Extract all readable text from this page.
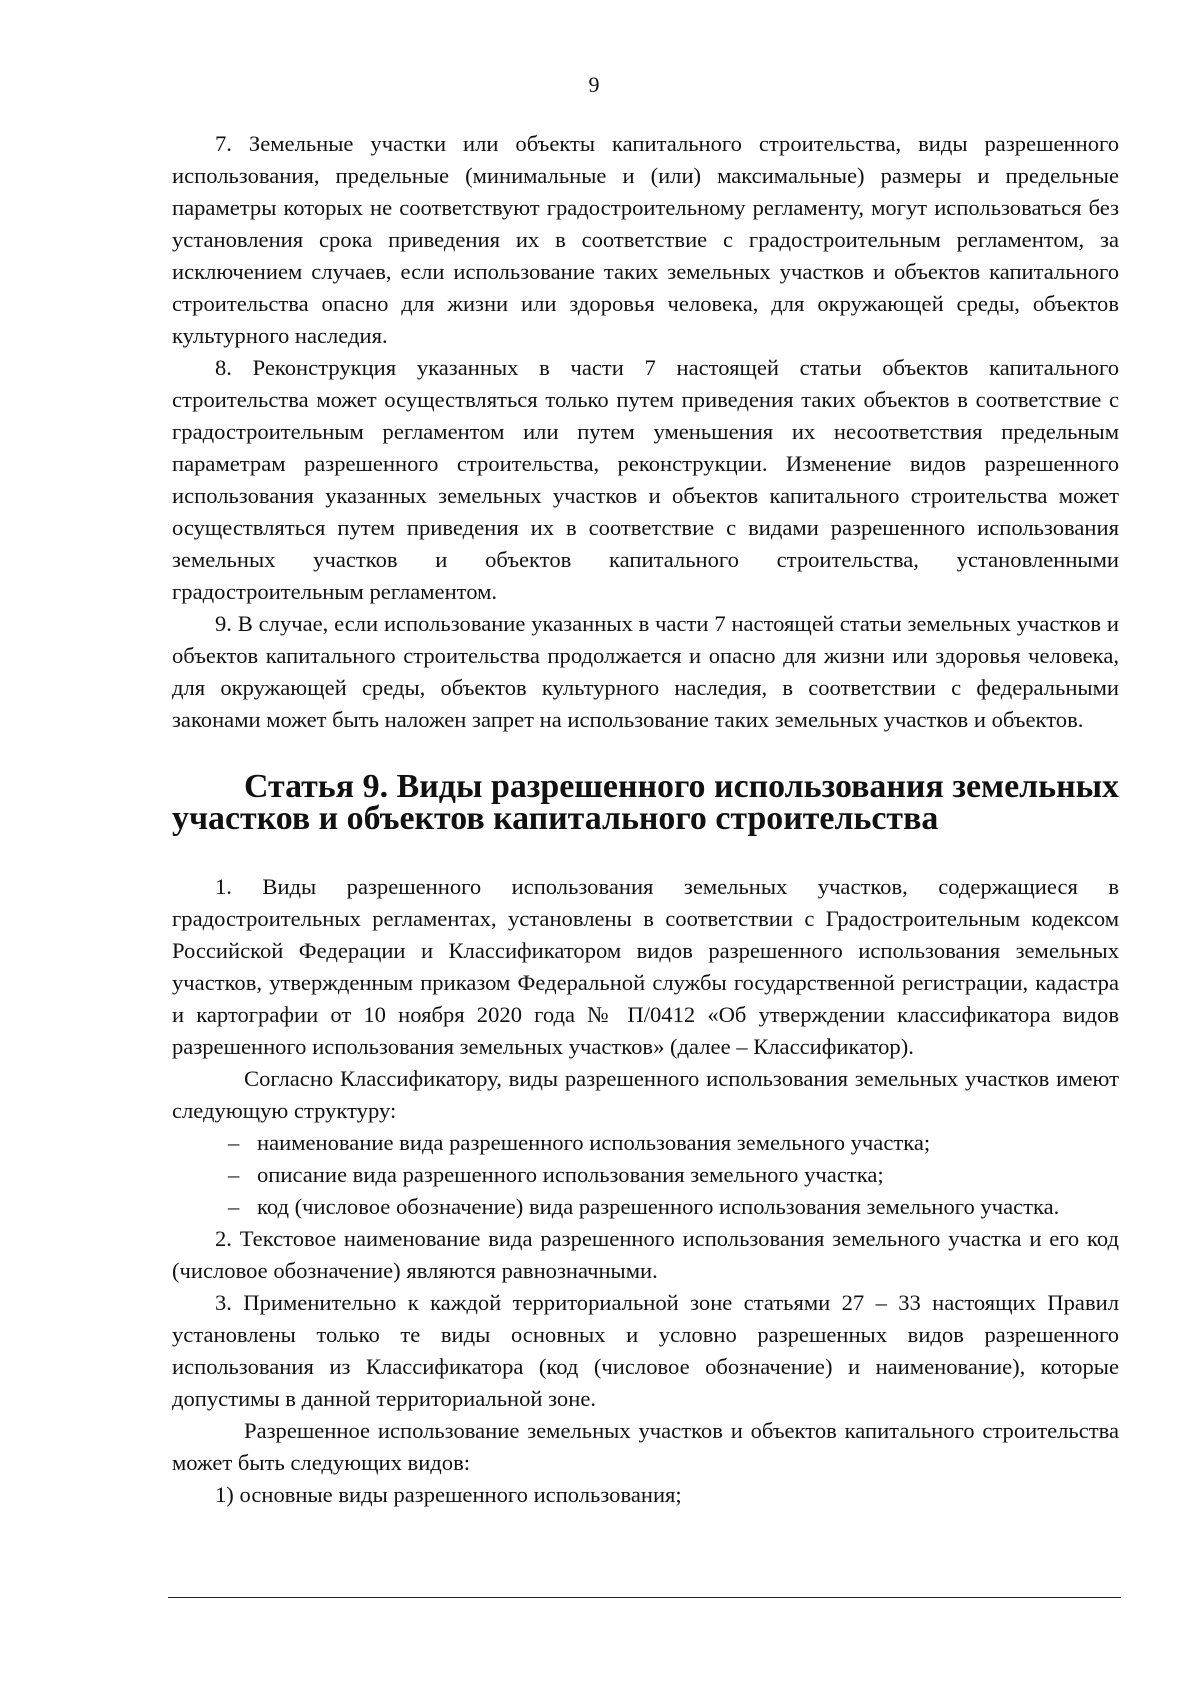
9

7. Земельные участки или объекты капитального строительства, виды разрешенного использования, предельные (минимальные и (или) максимальные) размеры и предельные параметры которых не соответствуют градостроительному регламенту, могут использоваться без установления срока приведения их в соответствие с градостроительным регламентом, за исключением случаев, если использование таких земельных участков и объектов капитального строительства опасно для жизни или здоровья человека, для окружающей среды, объектов культурного наследия.

8. Реконструкция указанных в части 7 настоящей статьи объектов капитального строительства может осуществляться только путем приведения таких объектов в соответствие с градостроительным регламентом или путем уменьшения их несоответствия предельным параметрам разрешенного строительства, реконструкции. Изменение видов разрешенного использования указанных земельных участков и объектов капитального строительства может осуществляться путем приведения их в соответствие с видами разрешенного использования земельных участков и объектов капитального строительства, установленными градостроительным регламентом.

9. В случае, если использование указанных в части 7 настоящей статьи земельных участков и объектов капитального строительства продолжается и опасно для жизни или здоровья человека, для окружающей среды, объектов культурного наследия, в соответствии с федеральными законами может быть наложен запрет на использование таких земельных участков и объектов.

Статья 9. Виды разрешенного использования земельных участков и объектов капитального строительства

1. Виды разрешенного использования земельных участков, содержащиеся в градостроительных регламентах, установлены в соответствии с Градостроительным кодексом Российской Федерации и Классификатором видов разрешенного использования земельных участков, утвержденным приказом Федеральной службы государственной регистрации, кадастра и картографии от 10 ноября 2020 года № П/0412 «Об утверждении классификатора видов разрешенного использования земельных участков» (далее – Классификатор).

Согласно Классификатору, виды разрешенного использования земельных участков имеют следующую структуру:

– наименование вида разрешенного использования земельного участка;
– описание вида разрешенного использования земельного участка;
– код (числовое обозначение) вида разрешенного использования земельного участка.

2. Текстовое наименование вида разрешенного использования земельного участка и его код (числовое обозначение) являются равнозначными.

3. Применительно к каждой территориальной зоне статьями 27 – 33 настоящих Правил установлены только те виды основных и условно разрешенных видов разрешенного использования из Классификатора (код (числовое обозначение) и наименование), которые допустимы в данной территориальной зоне.

Разрешенное использование земельных участков и объектов капитального строительства может быть следующих видов:

1) основные виды разрешенного использования;
